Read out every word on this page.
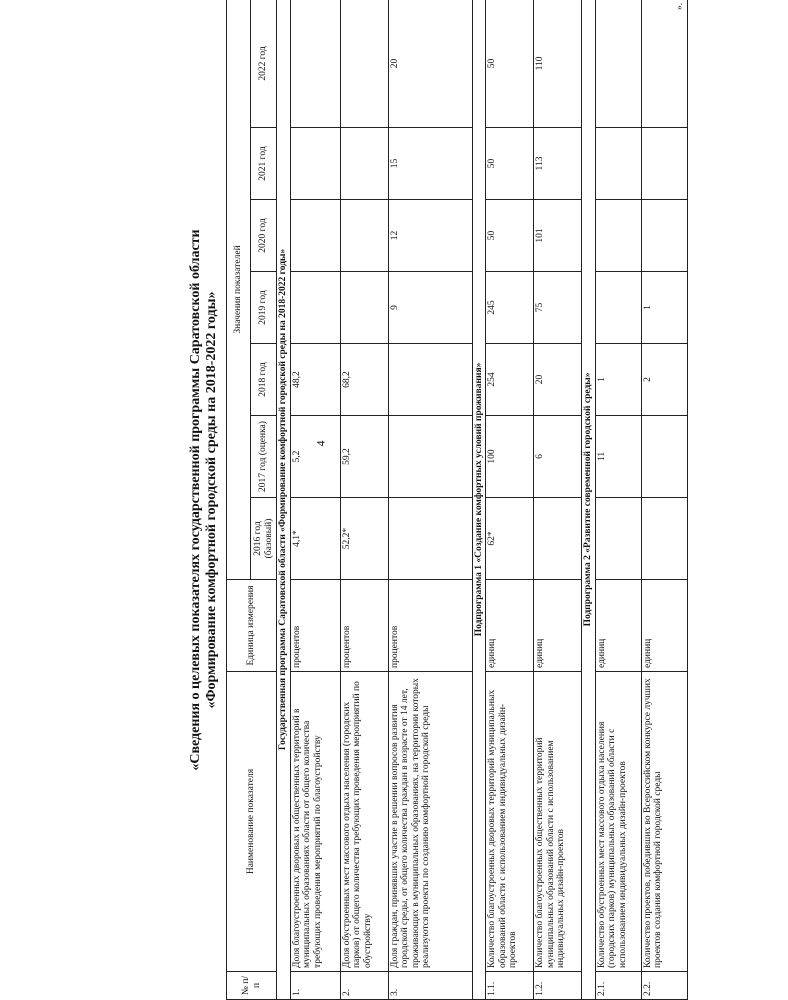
4
«Сведения о целевых показателях государственной программы Саратовской области «Формирование комфортной городской среды на 2018-2022 годы»
№ п/п	Наименование показателя	Единица измерения	Значения показателей						
			2016 год (базовый)	2017 год (оценка)	2018 год	2019 год	2020 год	2021 год	2022 год
Государственная программа Саратовской области «Формирование комфортной городской среды на 2018-2022 годы»									
1.	Доля благоустроенных дворовых и общественных территорий в муниципальных образованиях области от общего количества требующих проведения мероприятий по благоустройству	процентов	4,1*	5,2	48,2				
2.	Доля обустроенных мест массового отдыха населения (городских парков) от общего количества требующих проведения мероприятий по обустройству	процентов	52,2*	59,2	68,2				
3.	Доля граждан, принявших участие в решении вопросов развития городской среды, от общего количества граждан в возрасте от 14 лет, проживающих в муниципальных образованиях, на территории которых реализуются проекты по созданию комфортной городской среды	процентов				9	12	15	20
Подпрограмма 1 «Создание комфортных условий проживания»									
1.1.	Количество благоустроенных дворовых территорий муниципальных образований области с использованием индивидуальных дизайн-проектов	единиц	62*	100	254	245	50	50	50
1.2.	Количество благоустроенных общественных территорий муниципальных образований области с использованием индивидуальных дизайн-проектов	единиц		6	20	75	101	113	110
Подпрограмма 2 «Развитие современной городской среды»									
2.1.	Количество обустроенных мест массового отдыха населения (городских парков) муниципальных образований области с использованием индивидуальных дизайн-проектов	единиц		11	1				
2.2.	Количество проектов, победивших во Всероссийском конкурсе лучших проектов создания комфортной городской среды	единиц			2	1			».
